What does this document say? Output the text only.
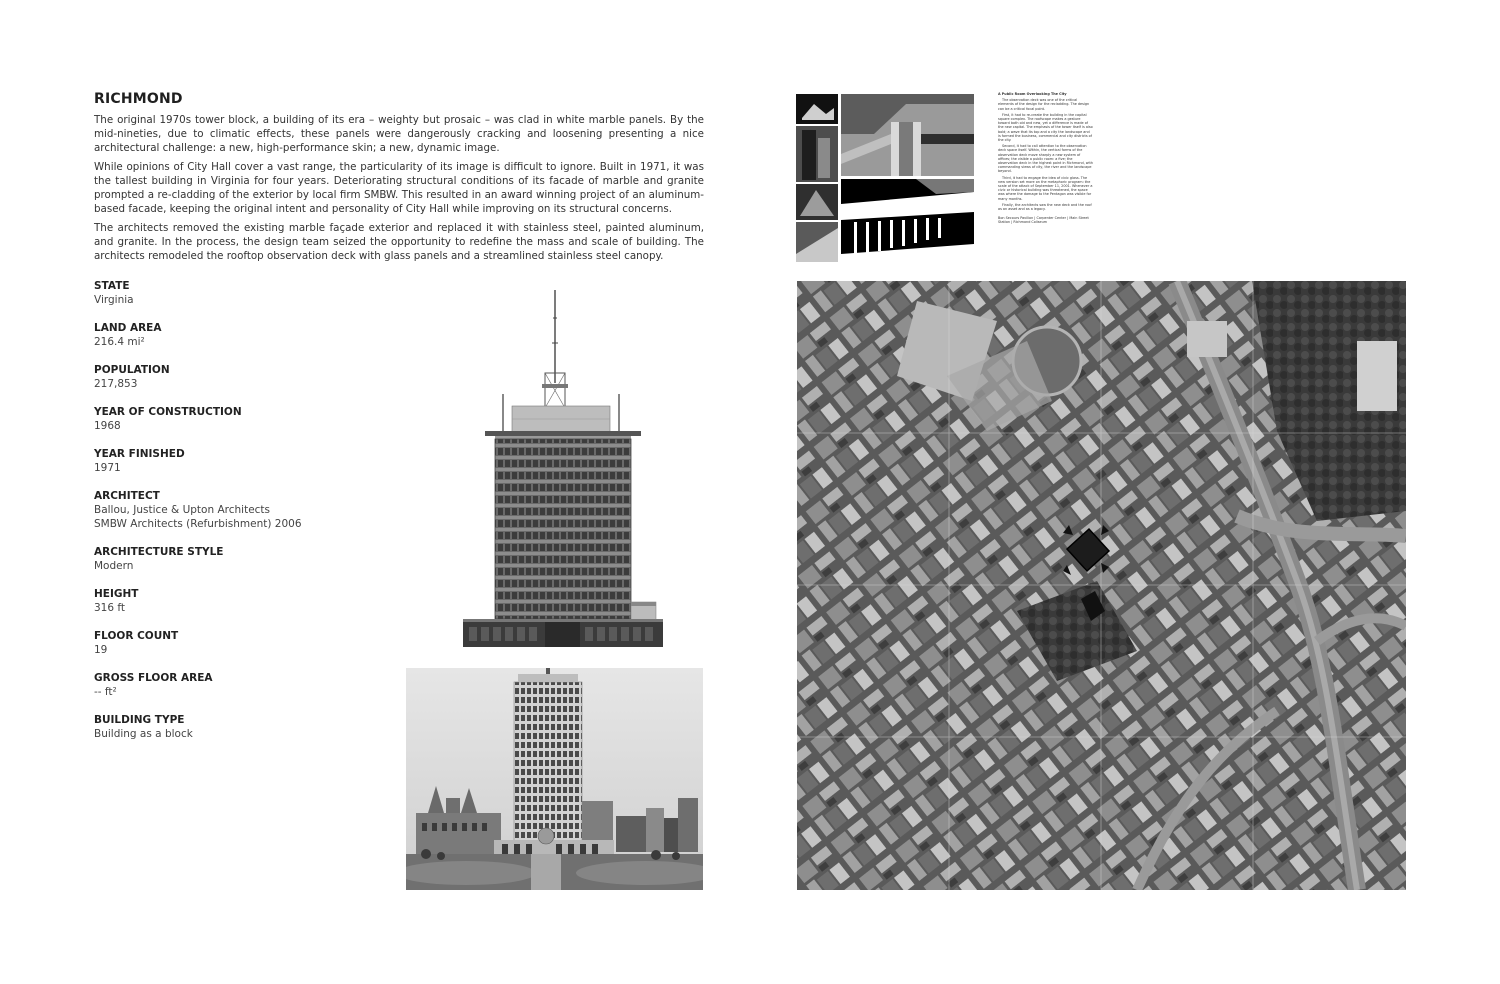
RICHMOND

The original 1970s tower block, a building of its era – weighty but prosaic – was clad in white marble panels. By the mid-nineties, due to climatic effects, these panels were dangerously cracking and loosening presenting a nice architectural challenge: a new, high-performance skin; a new, dynamic image.

While opinions of City Hall cover a vast range, the particularity of its image is difficult to ignore. Built in 1971, it was the tallest building in Virginia for four years. Deteriorating structural conditions of its facade of marble and granite prompted a re-cladding of the exterior by local firm SMBW. This resulted in an award winning project of an aluminum-based facade, keeping the original intent and personality of City Hall while improving on its structural concerns.

The architects removed the existing marble façade exterior and replaced it with stainless steel, painted aluminum, and granite. In the process, the design team seized the opportunity to redefine the mass and scale of building. The architects remodeled the rooftop observation deck with glass panels and a streamlined stainless steel canopy.

STATE
Virginia
LAND AREA
216.4 mi²
POPULATION
217,853
YEAR OF CONSTRUCTION
1968
YEAR FINISHED
1971
ARCHITECT
Ballou, Justice & Upton Architects
SMBW Architects (Refurbishment) 2006
ARCHITECTURE STYLE
Modern
HEIGHT
316 ft
FLOOR COUNT
19
GROSS FLOOR AREA
-- ft²
BUILDING TYPE
Building as a block
A Public Room Overlooking The City

The observation deck was one of the critical elements of the design for the recladding. The design can be a critical focal point.

First, it had to re-create the building in the capital square complex. The roofscape makes a gesture toward both old and new, yet a difference is made of the new capital. The emphasis of the tower itself is also bold; a wave that its top and a city the landscape and is formed the business, commercial and city districts of the city.

Second, it had to call attention to the observation deck space itself. Within, the vertical forms of the observation deck move sharply a new system of offices; the visible a public room: a five; the observation deck in the highest point in Richmond, with commanding views of city, the river and the landscape beyond.

Third, it had to engage the idea of civic glass. The new version set more on the metaphoric program: the scale of the attack of September 11, 2001. Whenever a civic or historical building was threatened, the space was where the damage to the Pentagon was visible for many months.

Finally, the architects saw the new deck and the roof as an asset and as a legacy.

Bon Secours Pavilion | Carpenter Center | Main Street Station | Richmond Coliseum
